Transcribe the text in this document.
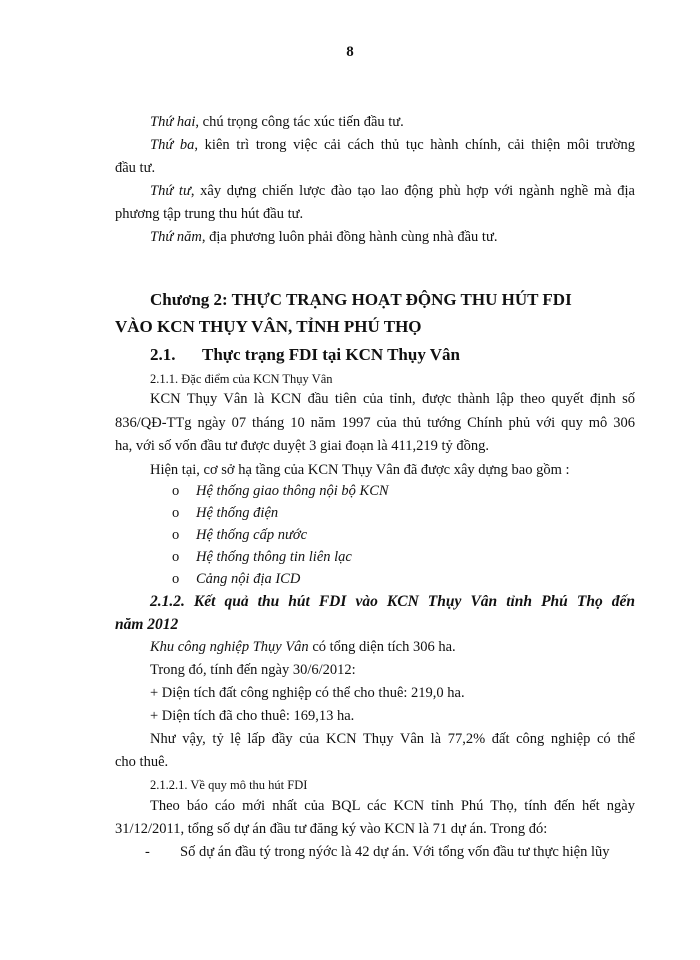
8
Thứ hai, chú trọng công tác xúc tiến đầu tư.
Thứ ba, kiên trì trong việc cải cách thủ tục hành chính, cải thiện môi trường
đầu tư.
Thứ tư, xây dựng chiến lược đào tạo lao động phù hợp với ngành nghề mà địa
phương tập trung thu hút đầu tư.
Thứ năm, địa phương luôn phải đồng hành cùng nhà đầu tư.
Chương 2: THỰC TRẠNG HOẠT ĐỘNG THU HÚT FDI
VÀO KCN THỤY VÂN, TỈNH PHÚ THỌ
2.1. Thực trạng FDI tại KCN Thụy Vân
2.1.1. Đặc điểm của KCN Thụy Vân
KCN Thụy Vân là KCN đầu tiên của tỉnh, được thành lập theo quyết định số
836/QĐ-TTg ngày 07 tháng 10 năm 1997 của thủ tướng Chính phủ với quy mô 306
ha, với số vốn đầu tư được duyệt 3 giai đoạn là 411,219 tỷ đồng.
Hiện tại, cơ sở hạ tầng của KCN Thụy Vân đã được xây dựng bao gồm :
o Hệ thống giao thông nội bộ KCN
o Hệ thống điện
o Hệ thống cấp nước
o Hệ thống thông tin liên lạc
o Cảng nội địa ICD
2.1.2. Kết quả thu hút FDI vào KCN Thụy Vân tỉnh Phú Thọ đến
năm 2012
Khu công nghiệp Thụy Vân có tổng diện tích 306 ha.
Trong đó, tính đến ngày 30/6/2012:
+ Diện tích đất công nghiệp có thể cho thuê: 219,0 ha.
+ Diện tích đã cho thuê: 169,13 ha.
Như vậy, tỷ lệ lấp đầy của KCN Thụy Vân là 77,2% đất công nghiệp có thể
cho thuê.
2.1.2.1. Về quy mô thu hút FDI
Theo báo cáo mới nhất của BQL các KCN tỉnh Phú Thọ, tính đến hết ngày
31/12/2011, tổng số dự án đầu tư đăng ký vào KCN là 71 dự án. Trong đó:
- Số dự án đầu tý trong nýớc là 42 dự án. Với tổng vốn đầu tư thực hiện lũy
